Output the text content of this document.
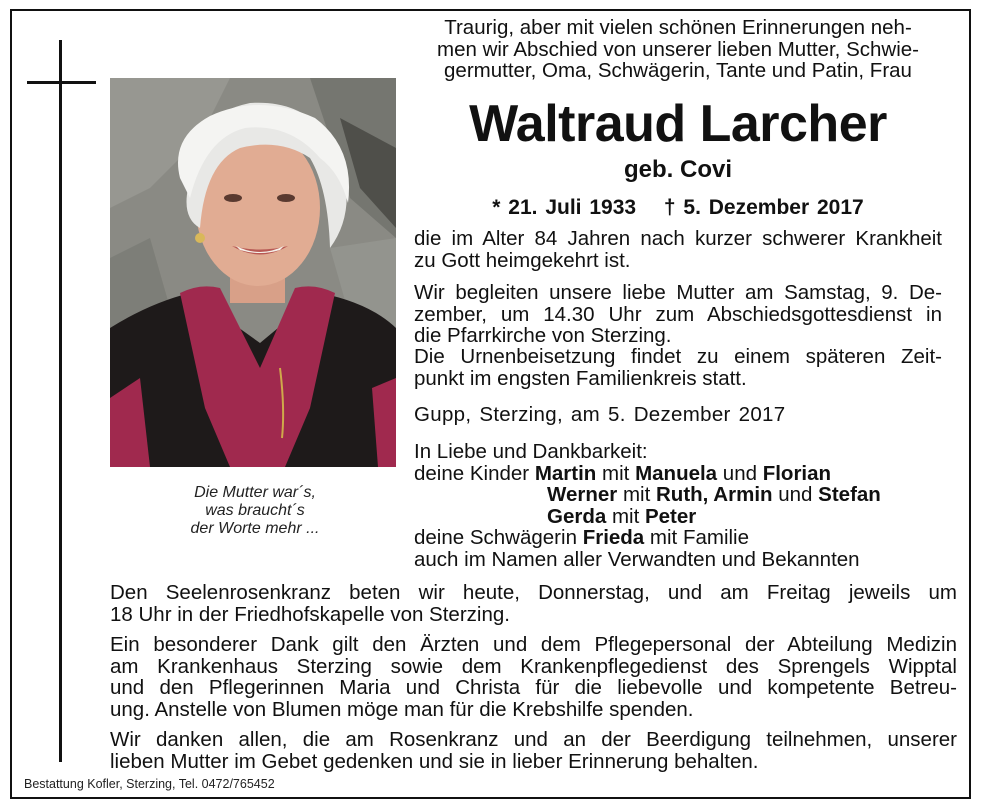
Die Mutter war´s,
was braucht´s
der Worte mehr ...
Traurig, aber mit vielen schönen Erinnerungen neh-
men wir Abschied von unserer lieben Mutter, Schwie-
germutter, Oma, Schwägerin, Tante und Patin, Frau
Waltraud Larcher
geb. Covi
* 21. Juli 1933 † 5. Dezember 2017
die im Alter 84 Jahren nach kurzer schwerer Krankheit
zu Gott heimgekehrt ist.
Wir begleiten unsere liebe Mutter am Samstag, 9. De-
zember, um 14.30 Uhr zum Abschiedsgottesdienst in
die Pfarrkirche von Sterzing.
Die Urnenbeisetzung findet zu einem späteren Zeit-
punkt im engsten Familienkreis statt.
Gupp, Sterzing, am 5. Dezember 2017
In Liebe und Dankbarkeit:
deine Kinder Martin mit Manuela und Florian
Werner mit Ruth, Armin und Stefan
Gerda mit Peter
deine Schwägerin Frieda mit Familie
auch im Namen aller Verwandten und Bekannten
Den Seelenrosenkranz beten wir heute, Donnerstag, und am Freitag jeweils um
18 Uhr in der Friedhofskapelle von Sterzing.
Ein besonderer Dank gilt den Ärzten und dem Pflegepersonal der Abteilung Medizin
am Krankenhaus Sterzing sowie dem Krankenpflegedienst des Sprengels Wipptal
und den Pflegerinnen Maria und Christa für die liebevolle und kompetente Betreu-
ung. Anstelle von Blumen möge man für die Krebshilfe spenden.
Wir danken allen, die am Rosenkranz und an der Beerdigung teilnehmen, unserer
lieben Mutter im Gebet gedenken und sie in lieber Erinnerung behalten.
Bestattung Kofler, Sterzing, Tel. 0472/765452
